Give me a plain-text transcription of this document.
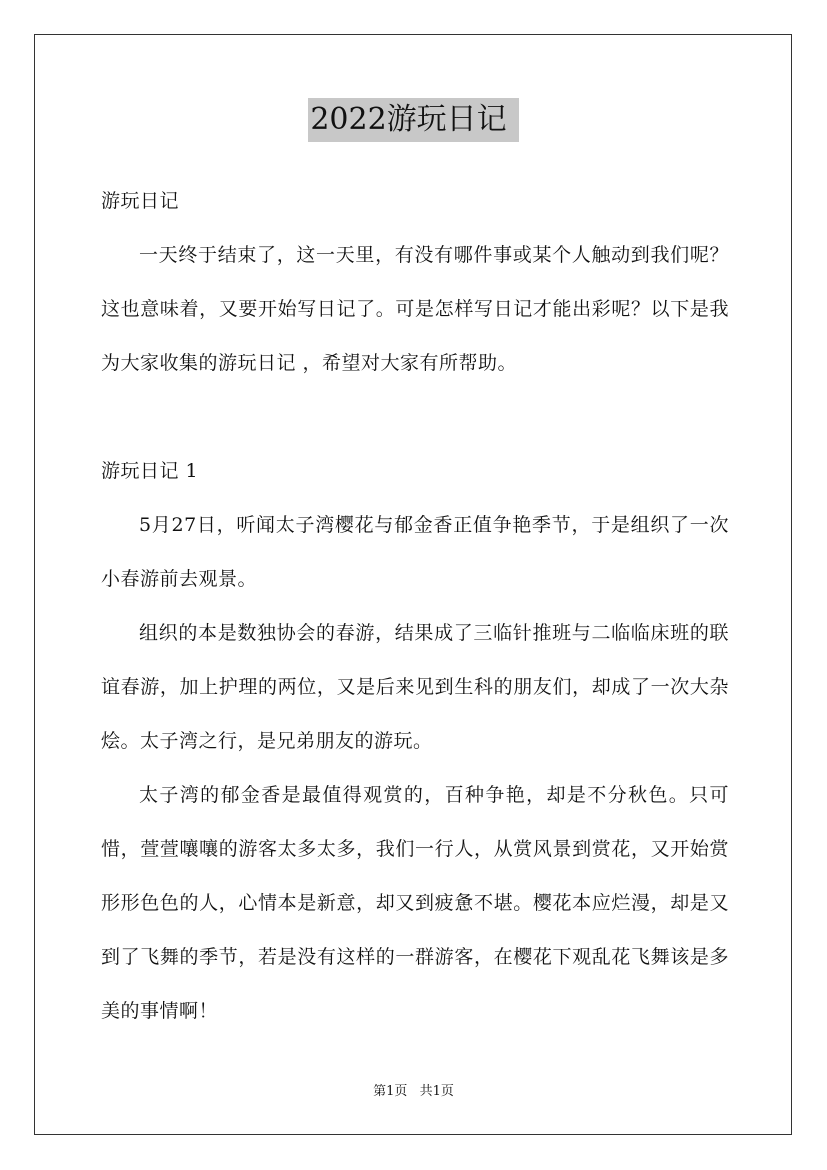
2022游玩日记

游玩日记

一天终于结束了，这一天里，有没有哪件事或某个人触动到我们呢？这也意味着，又要开始写日记了。可是怎样写日记才能出彩呢？以下是我为大家收集的游玩日记 ，希望对大家有所帮助。

游玩日记 1

5月27日，听闻太子湾樱花与郁金香正值争艳季节，于是组织了一次小春游前去观景。

组织的本是数独协会的春游，结果成了三临针推班与二临临床班的联谊春游，加上护理的两位，又是后来见到生科的朋友们，却成了一次大杂烩。太子湾之行，是兄弟朋友的游玩。

太子湾的郁金香是最值得观赏的，百种争艳，却是不分秋色。只可惜，萱萱嚷嚷的游客太多太多，我们一行人，从赏风景到赏花，又开始赏形形色色的人，心情本是新意，却又到疲惫不堪。樱花本应烂漫，却是又到了飞舞的季节，若是没有这样的一群游客，在樱花下观乱花飞舞该是多美的事情啊！

第1页 共1页
